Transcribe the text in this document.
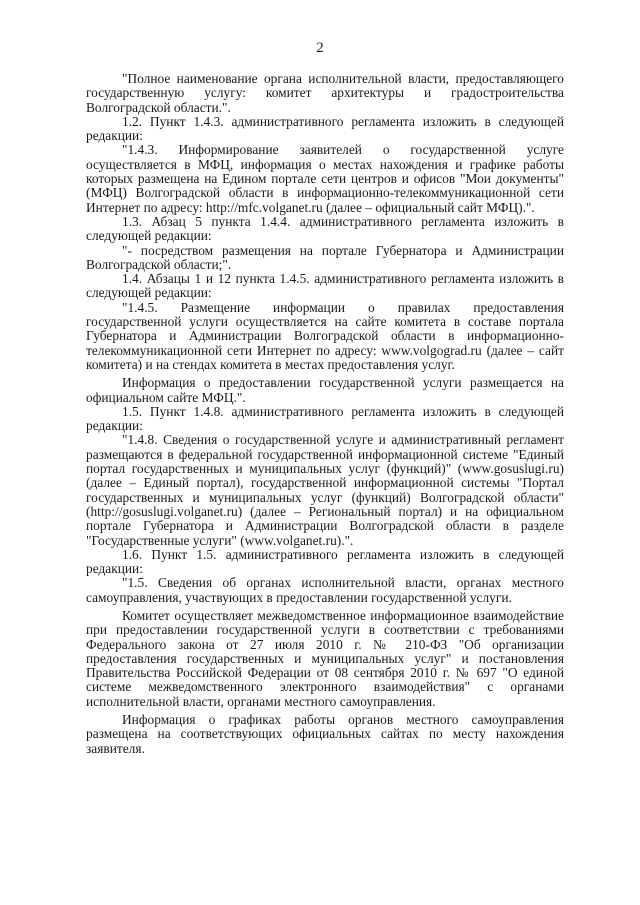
2

"Полное наименование органа исполнительной власти, предоставляющего государственную услугу: комитет архитектуры и градостроительства Волгоградской области.".

1.2. Пункт 1.4.3. административного регламента изложить в следующей редакции:

"1.4.3. Информирование заявителей о государственной услуге осуществляется в МФЦ, информация о местах нахождения и графике работы которых размещена на Едином портале сети центров и офисов "Мои документы" (МФЦ) Волгоградской области в информационно-телекоммуникационной сети Интернет по адресу: http://mfc.volganet.ru (далее – официальный сайт МФЦ).".

1.3. Абзац 5 пункта 1.4.4. административного регламента изложить в следующей редакции:

"- посредством размещения на портале Губернатора и Администрации Волгоградской области;".

1.4. Абзацы 1 и 12 пункта 1.4.5. административного регламента изложить в следующей редакции:

"1.4.5. Размещение информации о правилах предоставления государственной услуги осуществляется на сайте комитета в составе портала Губернатора и Администрации Волгоградской области в информационно-телекоммуникационной сети Интернет по адресу: www.volgograd.ru (далее – сайт комитета) и на стендах комитета в местах предоставления услуг.

Информация о предоставлении государственной услуги размещается на официальном сайте МФЦ.".

1.5. Пункт 1.4.8. административного регламента изложить в следующей редакции:

"1.4.8. Сведения о государственной услуге и административный регламент размещаются в федеральной государственной информационной системе "Единый портал государственных и муниципальных услуг (функций)" (www.gosuslugi.ru) (далее – Единый портал), государственной информационной системы "Портал государственных и муниципальных услуг (функций) Волгоградской области" (http://gosuslugi.volganet.ru) (далее – Региональный портал) и на официальном портале Губернатора и Администрации Волгоградской области в разделе "Государственные услуги" (www.volganet.ru).".

1.6. Пункт 1.5. административного регламента изложить в следующей редакции:

"1.5. Сведения об органах исполнительной власти, органах местного самоуправления, участвующих в предоставлении государственной услуги.

Комитет осуществляет межведомственное информационное взаимодействие при предоставлении государственной услуги в соответствии с требованиями Федерального закона от 27 июля 2010 г. № 210-ФЗ "Об организации предоставления государственных и муниципальных услуг" и постановления Правительства Российской Федерации от 08 сентября 2010 г. № 697 "О единой системе межведомственного электронного взаимодействия" с органами исполнительной власти, органами местного самоуправления.

Информация о графиках работы органов местного самоуправления размещена на соответствующих официальных сайтах по месту нахождения заявителя.
